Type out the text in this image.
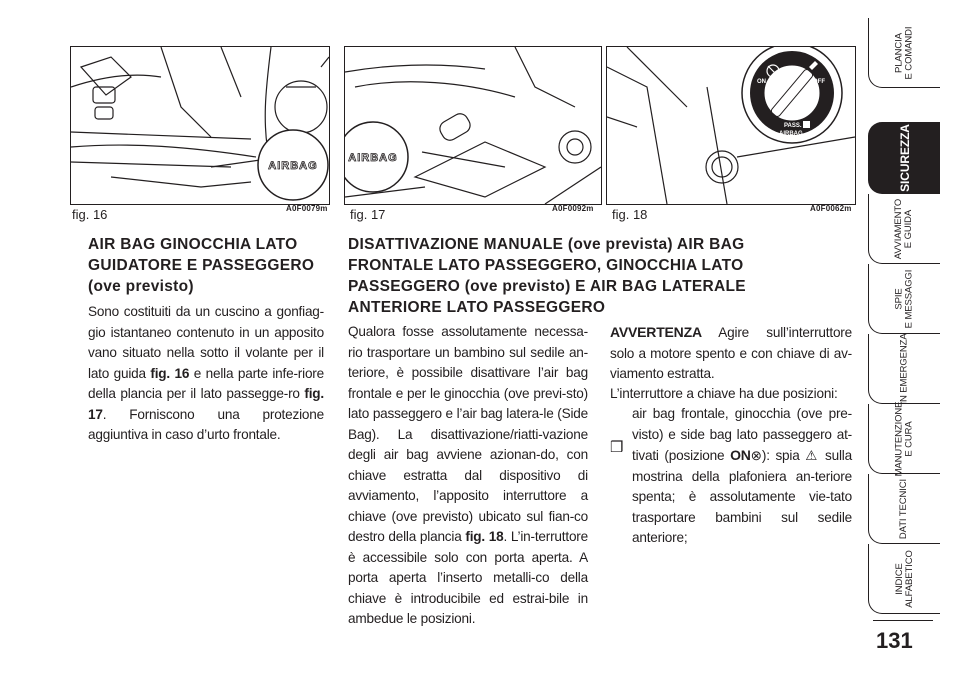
AIRBAG
fig. 16	A0F0079m
AIRBAG
fig. 17	A0F0092m
ON	OFF
PASS.
AIRBAG
fig. 18	A0F0062m
AIR BAG GINOCCHIA LATO
GUIDATORE E PASSEGGERO
(ove previsto)

Sono costituiti da un cuscino a gonfiag-gio istantaneo contenuto in un apposito vano situato nella sotto il volante per il lato guida fig. 16 e nella parte infe-riore della plancia per il lato passegge-ro fig. 17. Forniscono una protezione aggiuntiva in caso d’urto frontale.

DISATTIVAZIONE MANUALE (ove prevista) AIR BAG
FRONTALE LATO PASSEGGERO, GINOCCHIA LATO
PASSEGGERO (ove previsto) E AIR BAG LATERALE
ANTERIORE LATO PASSEGGERO

Qualora fosse assolutamente necessa-rio trasportare un bambino sul sedile an-teriore, è possibile disattivare l’air bag frontale e per le ginocchia (ove previ-sto) lato passeggero e l’air bag latera-le (Side Bag). La disattivazione/riatti-vazione degli air bag avviene azionan-do, con chiave estratta dal dispositivo di avviamento, l’apposito interruttore a chiave (ove previsto) ubicato sul fian-co destro della plancia fig. 18. L’in-terruttore è accessibile solo con porta aperta. A porta aperta l’inserto metalli-co della chiave è introducibile ed estrai-bile in ambedue le posizioni.

AVVERTENZA Agire sull’interruttore solo a motore spento e con chiave di av-viamento estratta.

L’interruttore a chiave ha due posizioni:

❒

air bag frontale, ginocchia (ove pre-visto) e side bag lato passeggero at-tivati (posizione ON⊗): spia ⚠ sulla mostrina della plafoniera an-teriore spenta; è assolutamente vie-tato trasportare bambini sul sedile anteriore;

PLANCIA
E COMANDI
SICUREZZA
AVVIAMENTO
E GUIDA
SPIE
E MESSAGGI
IN EMERGENZA
MANUTENZIONE
E CURA
DATI TECNICI
INDICE
ALFABETICO
131
